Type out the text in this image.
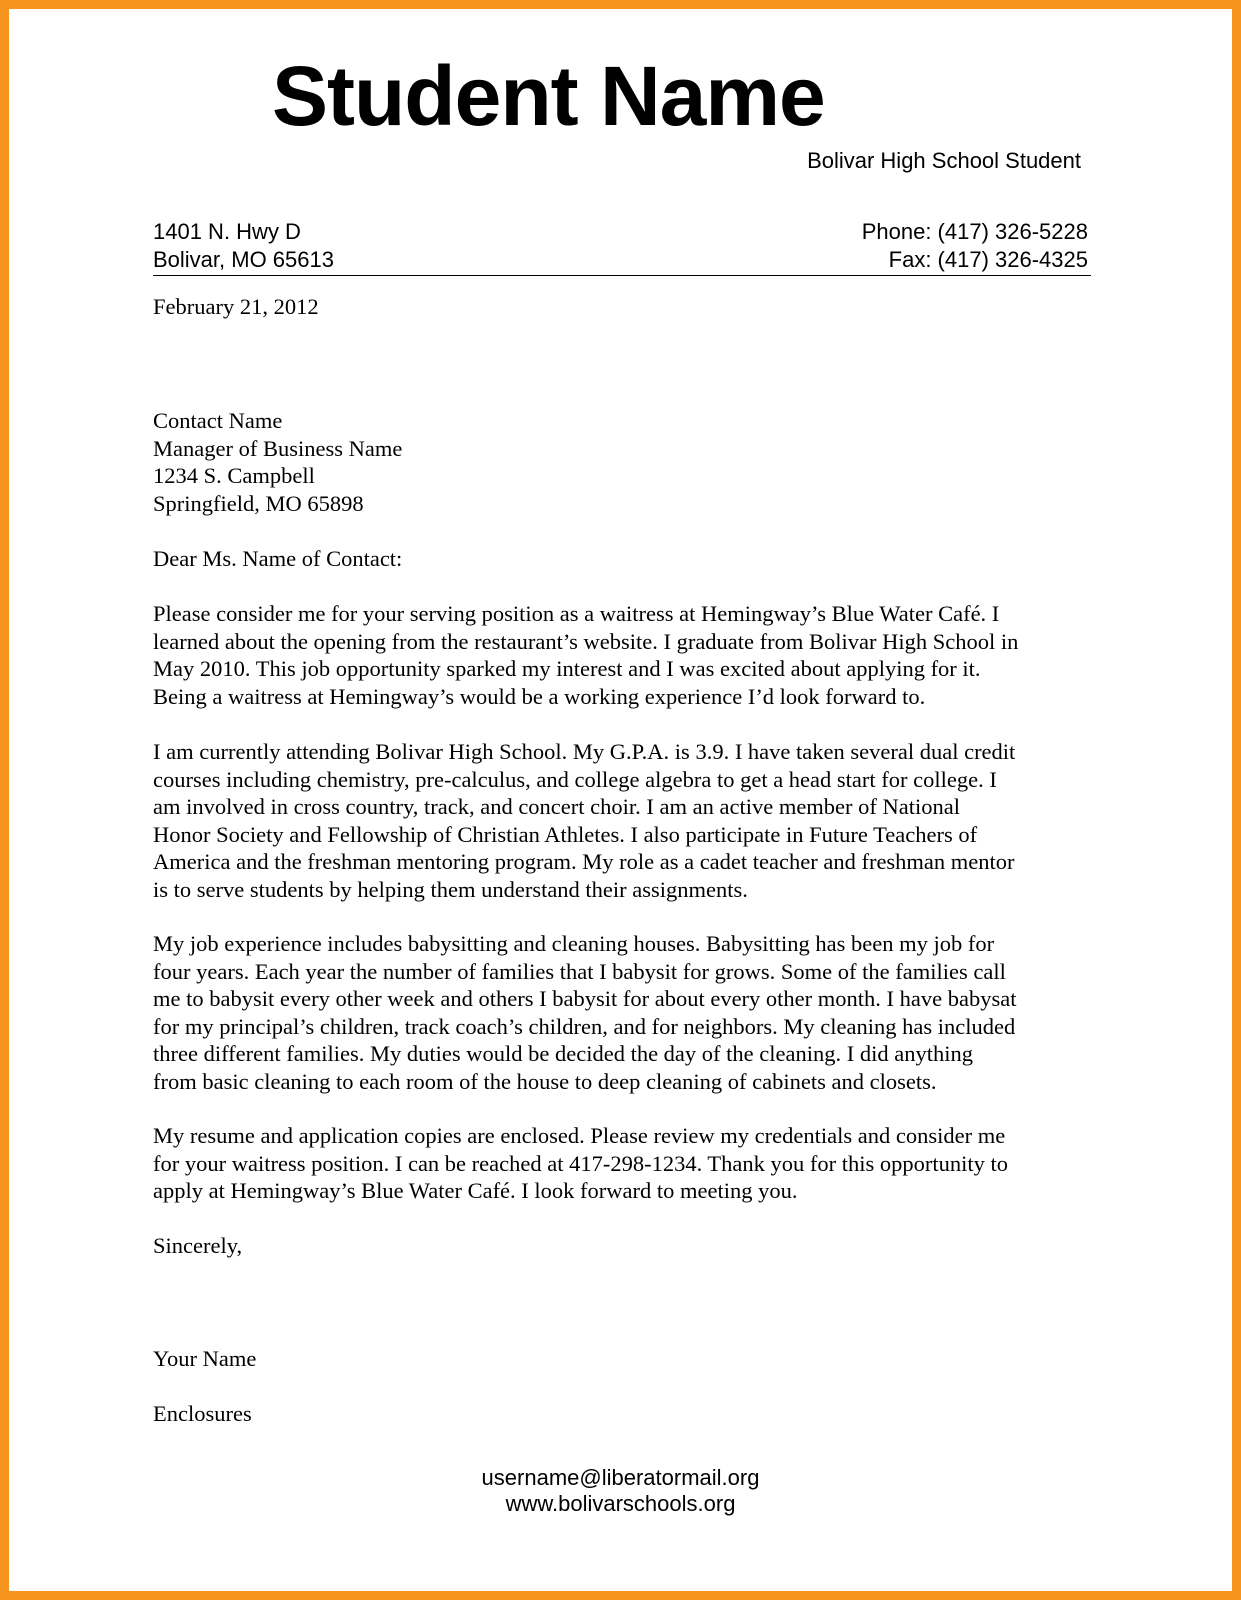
Student Name
Bolivar High School Student
1401 N. Hwy D
Bolivar, MO 65613
Phone: (417) 326-5228
Fax: (417) 326-4325

February 21, 2012

Contact Name

Manager of Business Name

1234 S. Campbell

Springfield, MO 65898

Dear Ms. Name of Contact:

Please consider me for your serving position as a waitress at Hemingway’s Blue Water Café. I

learned about the opening from the restaurant’s website. I graduate from Bolivar High School in

May 2010. This job opportunity sparked my interest and I was excited about applying for it.

Being a waitress at Hemingway’s would be a working experience I’d look forward to.

I am currently attending Bolivar High School. My G.P.A. is 3.9. I have taken several dual credit

courses including chemistry, pre-calculus, and college algebra to get a head start for college. I

am involved in cross country, track, and concert choir. I am an active member of National

Honor Society and Fellowship of Christian Athletes. I also participate in Future Teachers of

America and the freshman mentoring program. My role as a cadet teacher and freshman mentor

is to serve students by helping them understand their assignments.

My job experience includes babysitting and cleaning houses. Babysitting has been my job for

four years. Each year the number of families that I babysit for grows. Some of the families call

me to babysit every other week and others I babysit for about every other month. I have babysat

for my principal’s children, track coach’s children, and for neighbors. My cleaning has included

three different families. My duties would be decided the day of the cleaning. I did anything

from basic cleaning to each room of the house to deep cleaning of cabinets and closets.

My resume and application copies are enclosed. Please review my credentials and consider me

for your waitress position. I can be reached at 417-298-1234. Thank you for this opportunity to

apply at Hemingway’s Blue Water Café. I look forward to meeting you.

Sincerely,

Your Name

Enclosures

username@liberatormail.org
www.bolivarschools.org
